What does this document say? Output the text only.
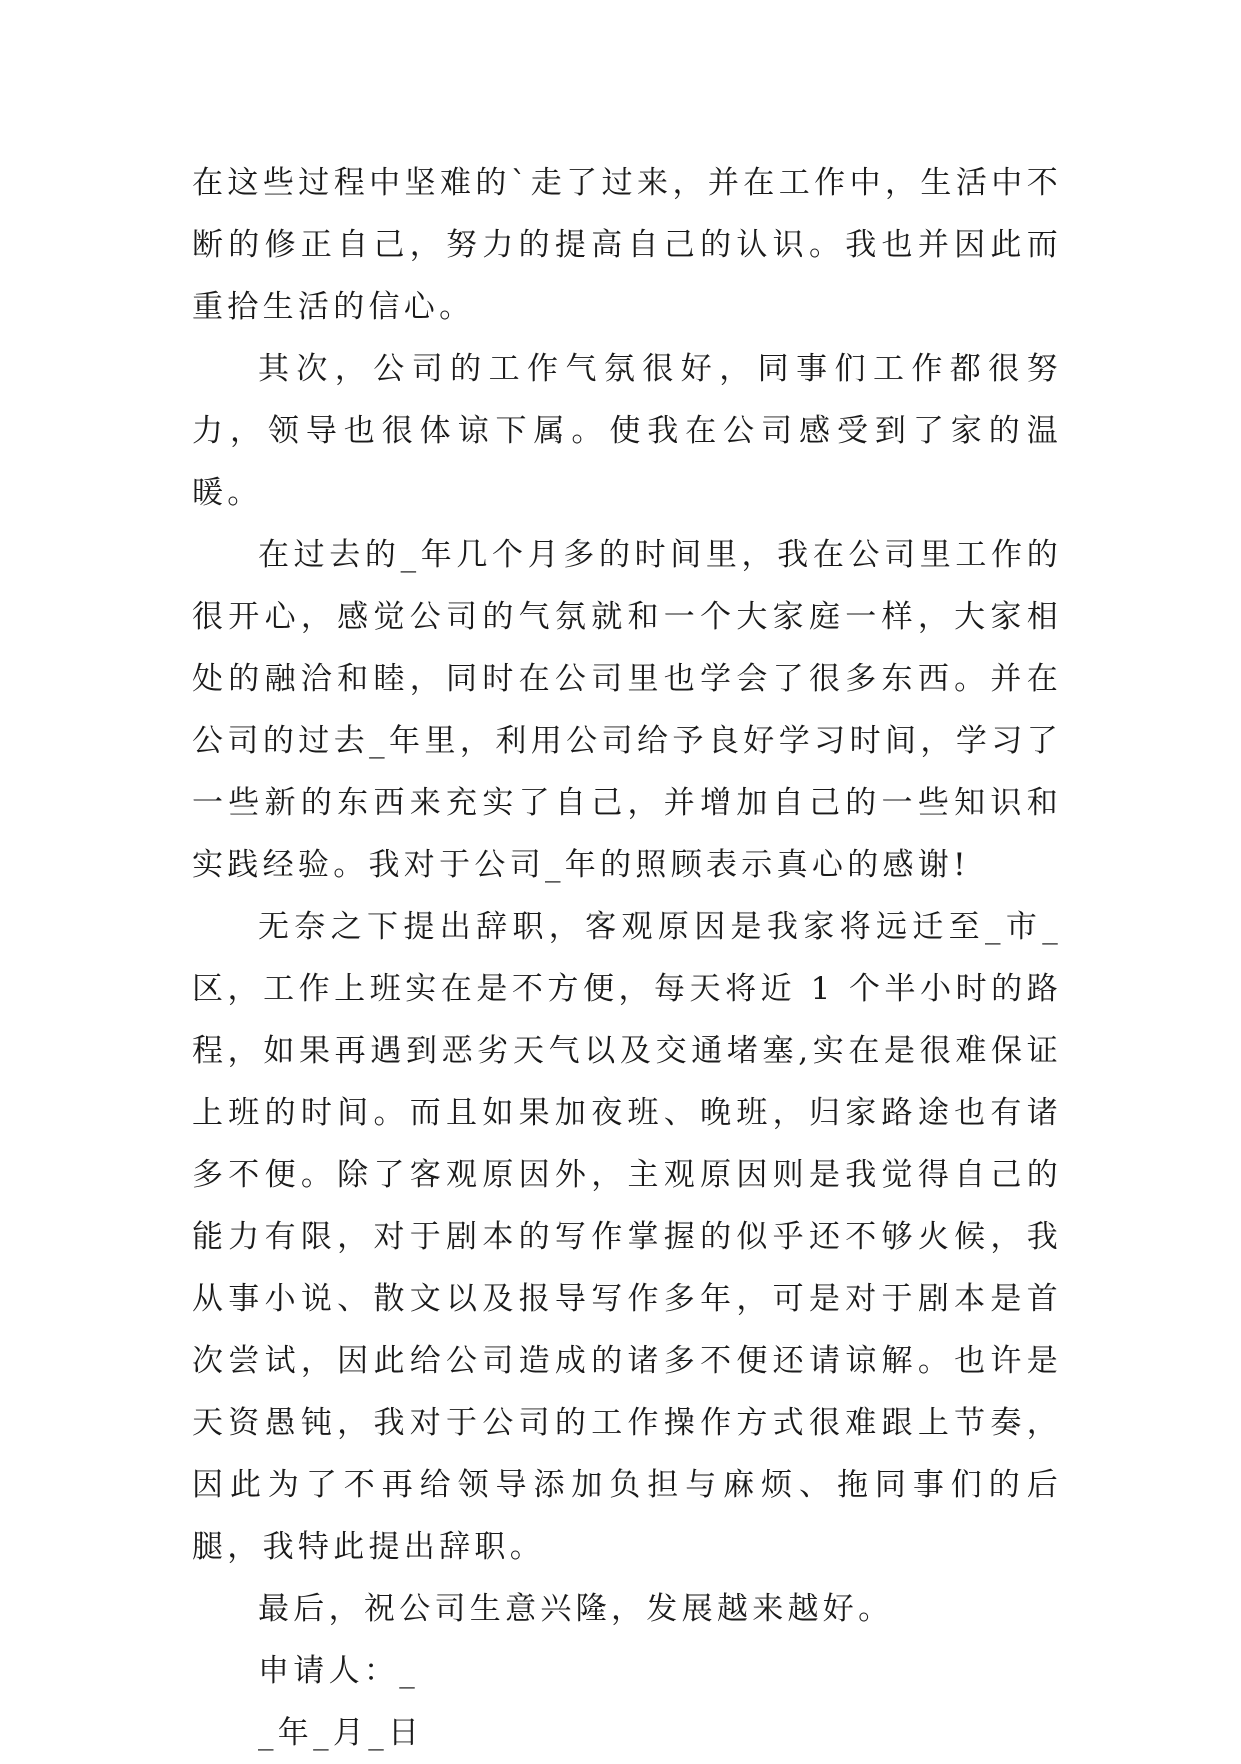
在这些过程中坚难的`走了过来，并在工作中，生活中不断的修正自己，努力的提高自己的认识。我也并因此而重拾生活的信心。

其次，公司的工作气氛很好，同事们工作都很努力，领导也很体谅下属。使我在公司感受到了家的温暖。

在过去的_年几个月多的时间里，我在公司里工作的很开心，感觉公司的气氛就和一个大家庭一样，大家相处的融洽和睦，同时在公司里也学会了很多东西。并在公司的过去_年里，利用公司给予良好学习时间，学习了一些新的东西来充实了自己，并增加自己的一些知识和实践经验。我对于公司_年的照顾表示真心的感谢!

无奈之下提出辞职，客观原因是我家将远迁至_市_区，工作上班实在是不方便，每天将近 1 个半小时的路程，如果再遇到恶劣天气以及交通堵塞,实在是很难保证上班的时间。而且如果加夜班、晚班，归家路途也有诸多不便。除了客观原因外，主观原因则是我觉得自己的能力有限，对于剧本的写作掌握的似乎还不够火候，我从事小说、散文以及报导写作多年，可是对于剧本是首次尝试，因此给公司造成的诸多不便还请谅解。也许是天资愚钝，我对于公司的工作操作方式很难跟上节奏，因此为了不再给领导添加负担与麻烦、拖同事们的后腿，我特此提出辞职。

最后，祝公司生意兴隆，发展越来越好。

申请人：_

_年_月_日
